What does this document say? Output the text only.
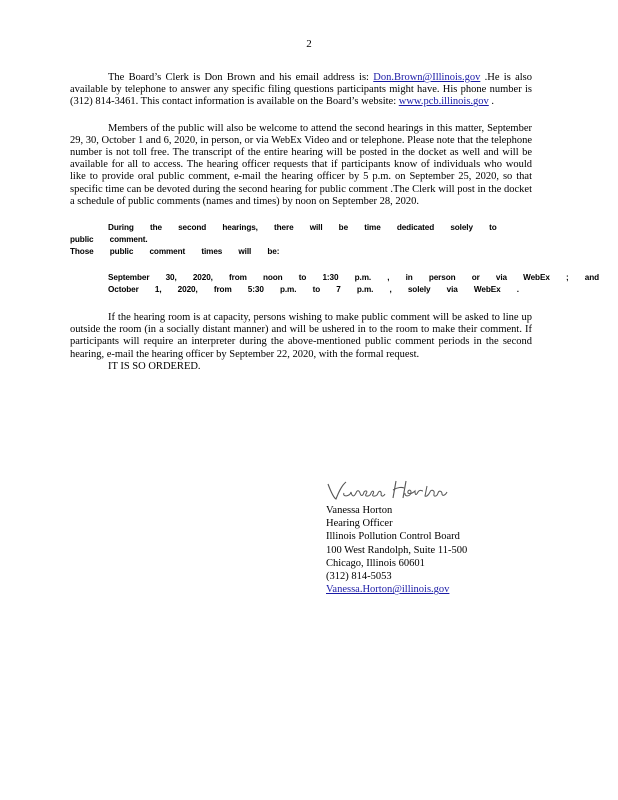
2

The Board’s Clerk is Don Brown and his email address is: Don.Brown@Illinois.gov .He is also available by telephone to answer any specific filing questions participants might have. His phone number is (312) 814-3461. This contact information is available on the Board’s website: www.pcb.illinois.gov .

Members of the public will also be welcome to attend the second hearings in this matter, September 29, 30, October 1 and 6, 2020, in person, or via WebEx Video and or telephone. Please note that the telephone number is not toll free. The transcript of the entire hearing will be posted in the docket as well and will be available for all to access. The hearing officer requests that if participants know of individuals who would like to provide oral public comment, e-mail the hearing officer by 5 p.m. on September 25, 2020, so that specific time can be devoted during the second hearing for public comment .The Clerk will post in the docket a schedule of public comments (names and times) by noon on September 28, 2020.

During the second hearings, there will be time dedicated solely to public comment.
Those public comment times will be:
September 30, 2020, from noon to 1:30 p.m. , in person or via WebEx ; and
October 1, 2020, from 5:30 p.m. to 7 p.m. , solely via WebEx .

If the hearing room is at capacity, persons wishing to make public comment will be asked to line up outside the room (in a socially distant manner) and will be ushered in to the room to make their comment. If participants will require an interpreter during the above-mentioned public comment periods in the second hearing, e-mail the hearing officer by September 22, 2020, with the formal request.

IT IS SO ORDERED.

Vanessa Horton
Hearing Officer
Illinois Pollution Control Board
100 West Randolph, Suite 11-500
Chicago, Illinois 60601
(312) 814-5053
Vanessa.Horton@illinois.gov
